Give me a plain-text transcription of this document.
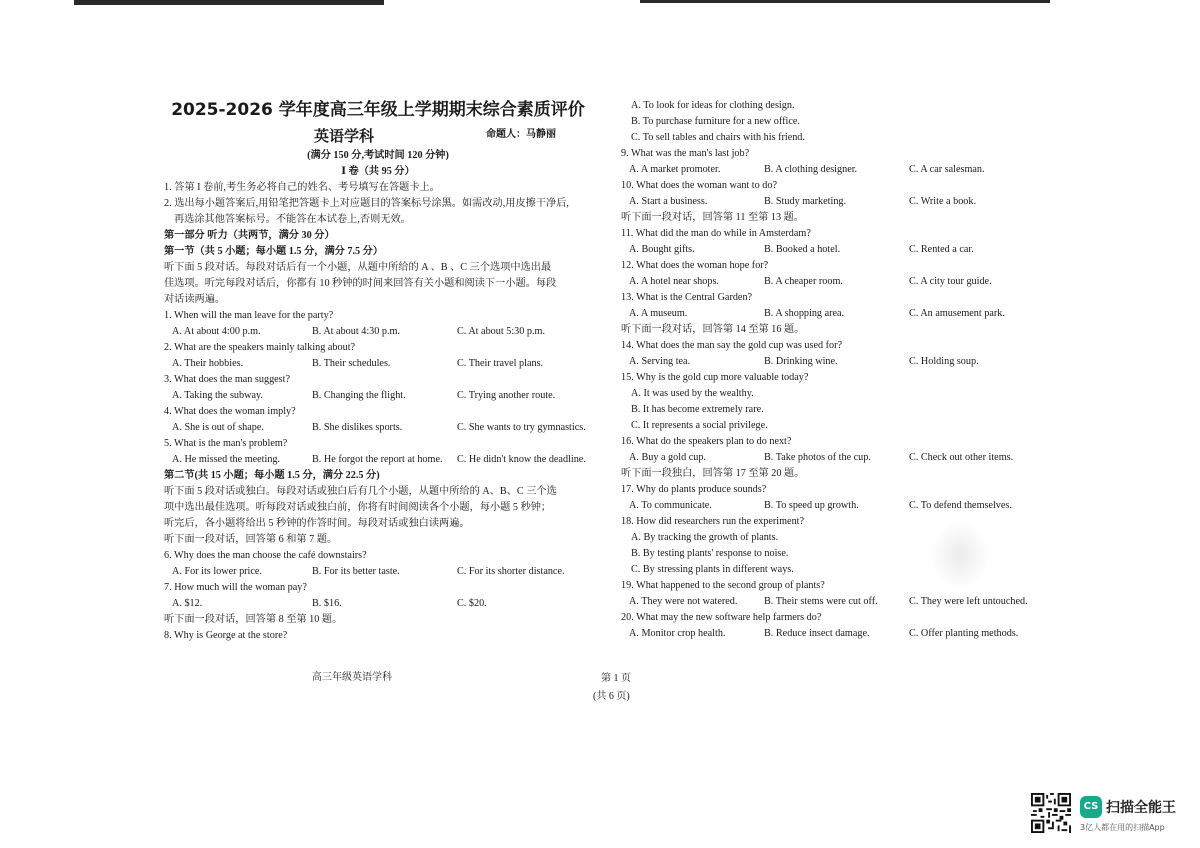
2025-2026 学年度高三年级上学期期末综合素质评价
英语学科	命题人：马静丽
(满分 150 分,考试时间 120 分钟)
Ⅰ 卷（共 95 分）
1. 答第 I 卷前,考生务必将自己的姓名、考号填写在答题卡上。
2. 选出每小题答案后,用铅笔把答题卡上对应题目的答案标号涂黑。如需改动,用皮擦干净后,
再选涂其他答案标号。不能答在本试卷上,否则无效。
第一部分 听力（共两节，满分 30 分）
第一节（共 5 小题；每小题 1.5 分，满分 7.5 分）
听下面 5 段对话。每段对话后有一个小题，从题中所给的 A 、B 、C 三个选项中选出最
佳选项。听完每段对话后，你都有 10 秒钟的时间来回答有关小题和阅读下一小题。每段
对话读两遍。
1. When will the man leave for the party?
A. At about 4:00 p.m.	B. At about 4:30 p.m.	C. At about 5:30 p.m.
2. What are the speakers mainly talking about?
A. Their hobbies.	B. Their schedules.	C. Their travel plans.
3. What does the man suggest?
A. Taking the subway.	B. Changing the flight.	C. Trying another route.
4. What does the woman imply?
A. She is out of shape.	B. She dislikes sports.	C. She wants to try gymnastics.
5. What is the man's problem?
A. He missed the meeting.	B. He forgot the report at home.	C. He didn't know the deadline.
第二节(共 15 小题；每小题 1.5 分，满分 22.5 分)
听下面 5 段对话或独白。每段对话或独白后有几个小题，从题中所给的 A、B、C 三个选
项中选出最佳选项。听每段对话或独白前，你将有时间阅读各个小题，每小题 5 秒钟；
听完后，各小题将给出 5 秒钟的作答时间。每段对话或独白读两遍。
听下面一段对话，回答第 6 和第 7 题。
6. Why does the man choose the café downstairs?
A. For its lower price.	B. For its better taste.	C. For its shorter distance.
7. How much will the woman pay?
A. $12.	B. $16.	C. $20.
听下面一段对话，回答第 8 至第 10 题。
8. Why is George at the store?
A. To look for ideas for clothing design.
B. To purchase furniture for a new office.
C. To sell tables and chairs with his friend.
9. What was the man's last job?
A. A market promoter.	B. A clothing designer.	C. A car salesman.
10. What does the woman want to do?
A. Start a business.	B. Study marketing.	C. Write a book.
听下面一段对话，回答第 11 至第 13 题。
11. What did the man do while in Amsterdam?
A. Bought gifts.	B. Booked a hotel.	C. Rented a car.
12. What does the woman hope for?
A. A hotel near shops.	B. A cheaper room.	C. A city tour guide.
13. What is the Central Garden?
A. A museum.	B. A shopping area.	C. An amusement park.
听下面一段对话，回答第 14 至第 16 题。
14. What does the man say the gold cup was used for?
A. Serving tea.	B. Drinking wine.	C. Holding soup.
15. Why is the gold cup more valuable today?
A. It was used by the wealthy.
B. It has become extremely rare.
C. It represents a social privilege.
16. What do the speakers plan to do next?
A. Buy a gold cup.	B. Take photos of the cup.	C. Check out other items.
听下面一段独白，回答第 17 至第 20 题。
17. Why do plants produce sounds?
A. To communicate.	B. To speed up growth.	C. To defend themselves.
18. How did researchers run the experiment?
A. By tracking the growth of plants.
B. By testing plants' response to noise.
C. By stressing plants in different ways.
19. What happened to the second group of plants?
A. They were not watered.	B. Their stems were cut off.	C. They were left untouched.
20. What may the new software help farmers do?
A. Monitor crop health.	B. Reduce insect damage.	C. Offer planting methods.
高三年级英语学科	第 1 页
(共 6 页)
CS 扫描全能王
3亿人都在用的扫描App
